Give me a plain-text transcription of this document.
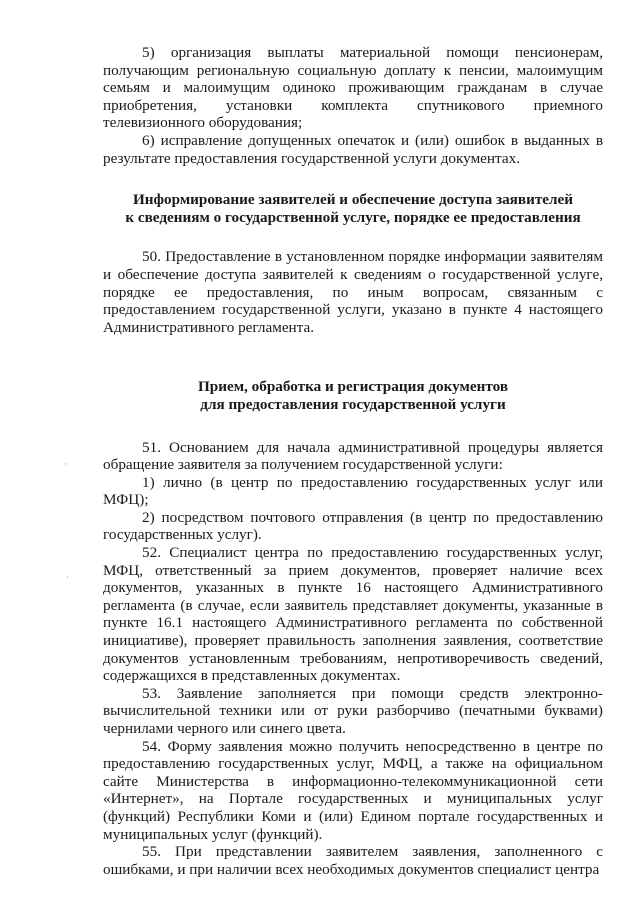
·
·

5) организация выплаты материальной помощи пенсионерам, получающим региональную социальную доплату к пенсии, малоимущим семьям и малоимущим одиноко проживающим гражданам в случае приобретения, установки комплекта спутникового приемного телевизионного оборудования;

6) исправление допущенных опечаток и (или) ошибок в выданных в результате предоставления государственной услуги документах.

Информирование заявителей и обеспечение доступа заявителей
к сведениям о государственной услуге, порядке ее предоставления

50. Предоставление в установленном порядке информации заявителям и обеспечение доступа заявителей к сведениям о государственной услуге, порядке ее предоставления, по иным вопросам, связанным с предоставлением государственной услуги, указано в пункте 4 настоящего Административного регламента.

Прием, обработка и регистрация документов
для предоставления государственной услуги

51. Основанием для начала административной процедуры является обращение заявителя за получением государственной услуги:

1) лично (в центр по предоставлению государственных услуг или МФЦ);

2) посредством почтового отправления (в центр по предоставлению государственных услуг).

52. Специалист центра по предоставлению государственных услуг, МФЦ, ответственный за прием документов, проверяет наличие всех документов, указанных в пункте 16 настоящего Административного регламента (в случае, если заявитель представляет документы, указанные в пункте 16.1 настоящего Административного регламента по собственной инициативе), проверяет правильность заполнения заявления, соответствие документов установленным требованиям, непротиворечивость сведений, содержащихся в представленных документах.

53. Заявление заполняется при помощи средств электронно-вычислительной техники или от руки разборчиво (печатными буквами) чернилами черного или синего цвета.

54. Форму заявления можно получить непосредственно в центре по предоставлению государственных услуг, МФЦ, а также на официальном сайте Министерства в информационно-телекоммуникационной сети «Интернет», на Портале государственных и муниципальных услуг (функций) Республики Коми и (или) Едином портале государственных и муниципальных услуг (функций).

55. При представлении заявителем заявления, заполненного с ошибками, и при наличии всех необходимых документов специалист центра
